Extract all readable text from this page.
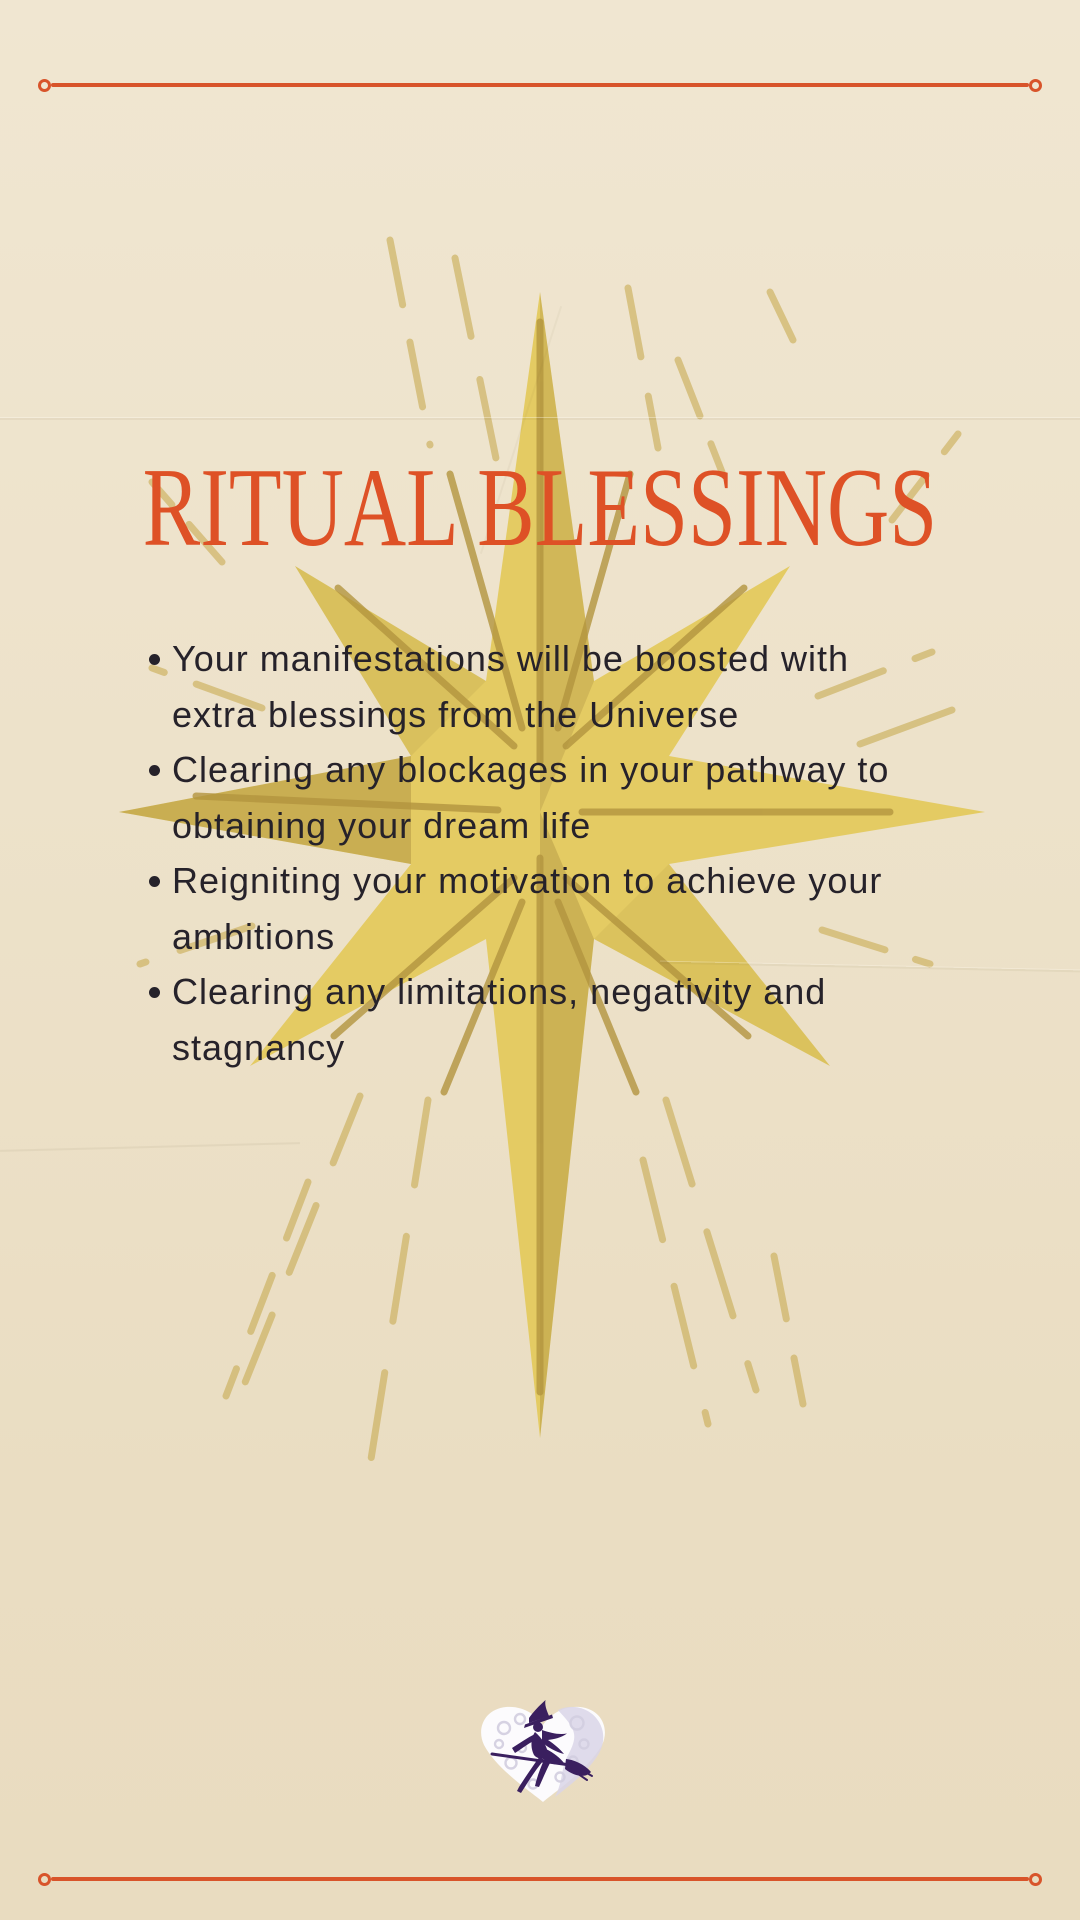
RITUAL BLESSINGS
Your manifestations will be boosted with
extra blessings from the Universe
Clearing any blockages in your pathway to
obtaining your dream life
Reigniting your motivation to achieve your
ambitions
Clearing any limitations, negativity and
stagnancy
